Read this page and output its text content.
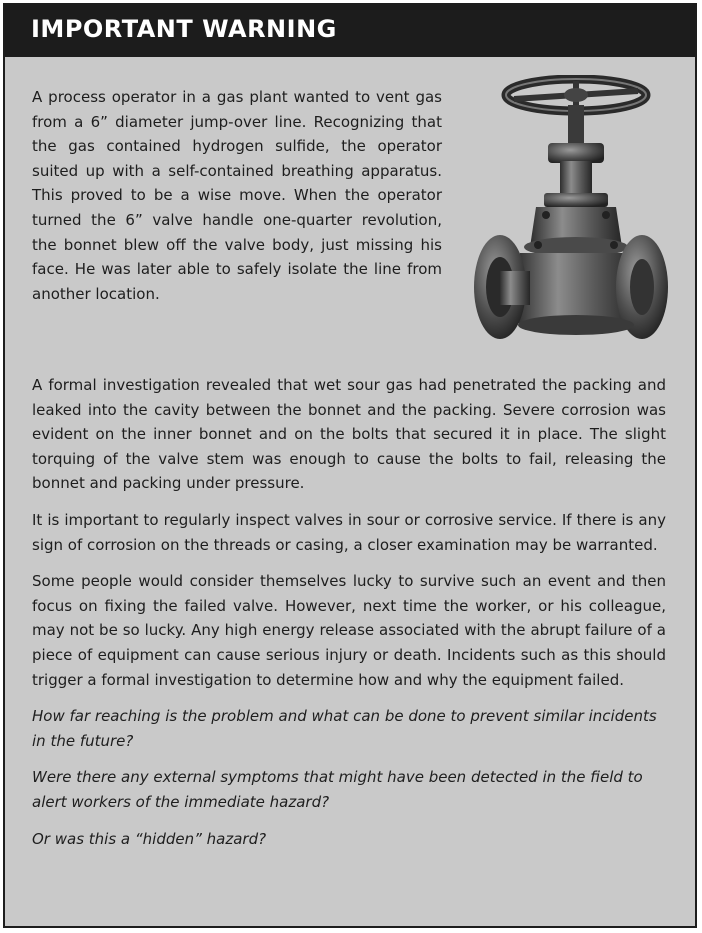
IMPORTANT WARNING

A process operator in a gas plant wanted to vent gas from a 6” diameter jump-over line. Recognizing that the gas contained hydrogen sulfide, the operator suited up with a self-contained breathing apparatus. This proved to be a wise move. When the operator turned the 6” valve handle one-quarter revolution, the bonnet blew off the valve body, just missing his face. He was later able to safely isolate the line from another location.

A formal investigation revealed that wet sour gas had penetrated the packing and leaked into the cavity between the bonnet and the packing. Severe corrosion was evident on the inner bonnet and on the bolts that secured it in place. The slight torquing of the valve stem was enough to cause the bolts to fail, releasing the bonnet and packing under pressure.

It is important to regularly inspect valves in sour or corrosive service. If there is any sign of corrosion on the threads or casing, a closer examination may be warranted.

Some people would consider themselves lucky to survive such an event and then focus on fixing the failed valve. However, next time the worker, or his colleague, may not be so lucky. Any high energy release associated with the abrupt failure of a piece of equipment can cause serious injury or death. Incidents such as this should trigger a formal investigation to determine how and why the equipment failed.

How far reaching is the problem and what can be done to prevent similar incidents in the future?

Were there any external symptoms that might have been detected in the field to alert workers of the immediate hazard?

Or was this a “hidden” hazard?
